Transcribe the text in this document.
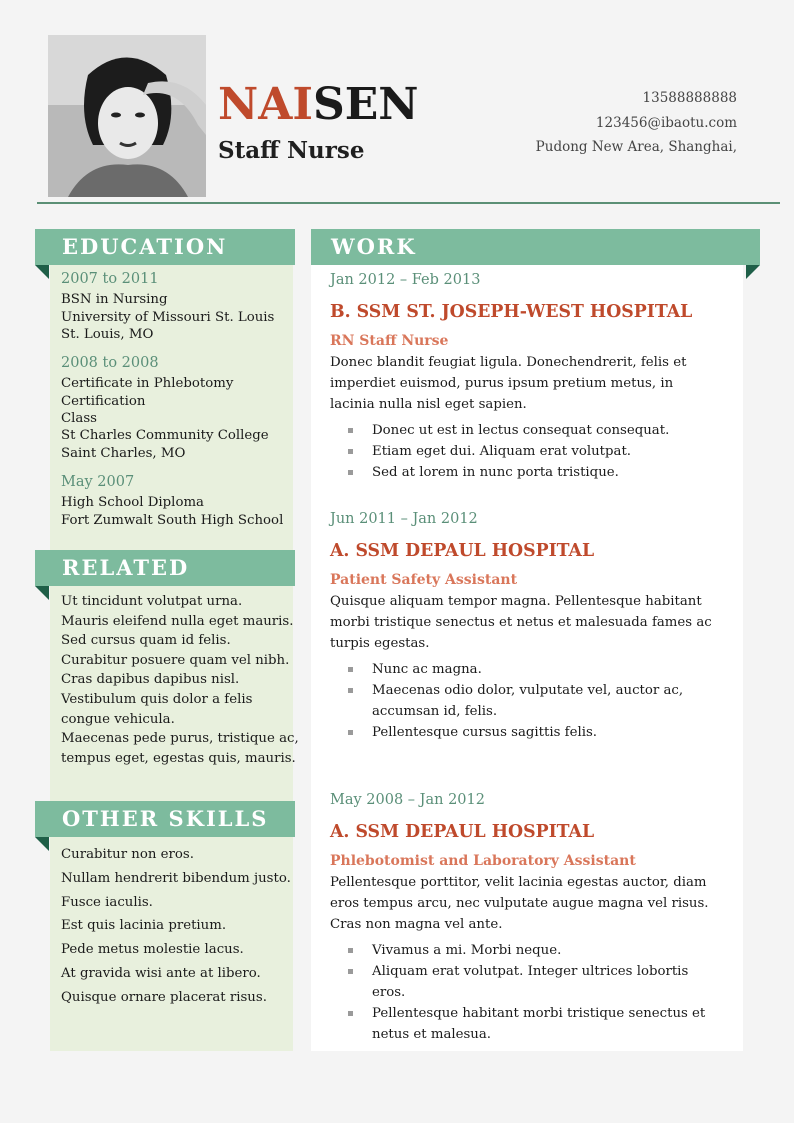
NAISEN
Staff Nurse
13588888888
123456@ibaotu.com
Pudong New Area, Shanghai,
EDUCATION
2007 to 2011
BSN in Nursing
University of Missouri St. Louis
St. Louis, MO
2008 to 2008
Certificate in Phlebotomy Certification
Class
St Charles Community College
Saint Charles, MO
May 2007
High School Diploma
Fort Zumwalt South High School
RELATED
Ut tincidunt volutpat urna.
Mauris eleifend nulla eget mauris.
Sed cursus quam id felis.
Curabitur posuere quam vel nibh.
Cras dapibus dapibus nisl.
Vestibulum quis dolor a felis
congue vehicula.
Maecenas pede purus, tristique ac,
tempus eget, egestas quis, mauris.
OTHER SKILLS
Curabitur non eros.
Nullam hendrerit bibendum justo.
Fusce iaculis.
Est quis lacinia pretium.
Pede metus molestie lacus.
At gravida wisi ante at libero.
Quisque ornare placerat risus.
WORK
Jan 2012 – Feb 2013
B. SSM ST. JOSEPH-WEST HOSPITAL
RN Staff Nurse
Donec blandit feugiat ligula. Donechendrerit, felis et imperdiet euismod, purus ipsum pretium metus, in lacinia nulla nisl eget sapien.
Donec ut est in lectus consequat consequat.
Etiam eget dui. Aliquam erat volutpat.
Sed at lorem in nunc porta tristique.
Jun 2011 – Jan 2012
A. SSM DEPAUL HOSPITAL
Patient Safety Assistant
Quisque aliquam tempor magna. Pellentesque habitant morbi tristique senectus et netus et malesuada fames ac turpis egestas.
Nunc ac magna.
Maecenas odio dolor, vulputate vel, auctor ac, accumsan id, felis.
Pellentesque cursus sagittis felis.
May 2008 – Jan 2012
A. SSM DEPAUL HOSPITAL
Phlebotomist and Laboratory Assistant
Pellentesque porttitor, velit lacinia egestas auctor, diam eros tempus arcu, nec vulputate augue magna vel risus. Cras non magna vel ante.
Vivamus a mi. Morbi neque.
Aliquam erat volutpat. Integer ultrices lobortis eros.
Pellentesque habitant morbi tristique senectus et netus et malesua.
